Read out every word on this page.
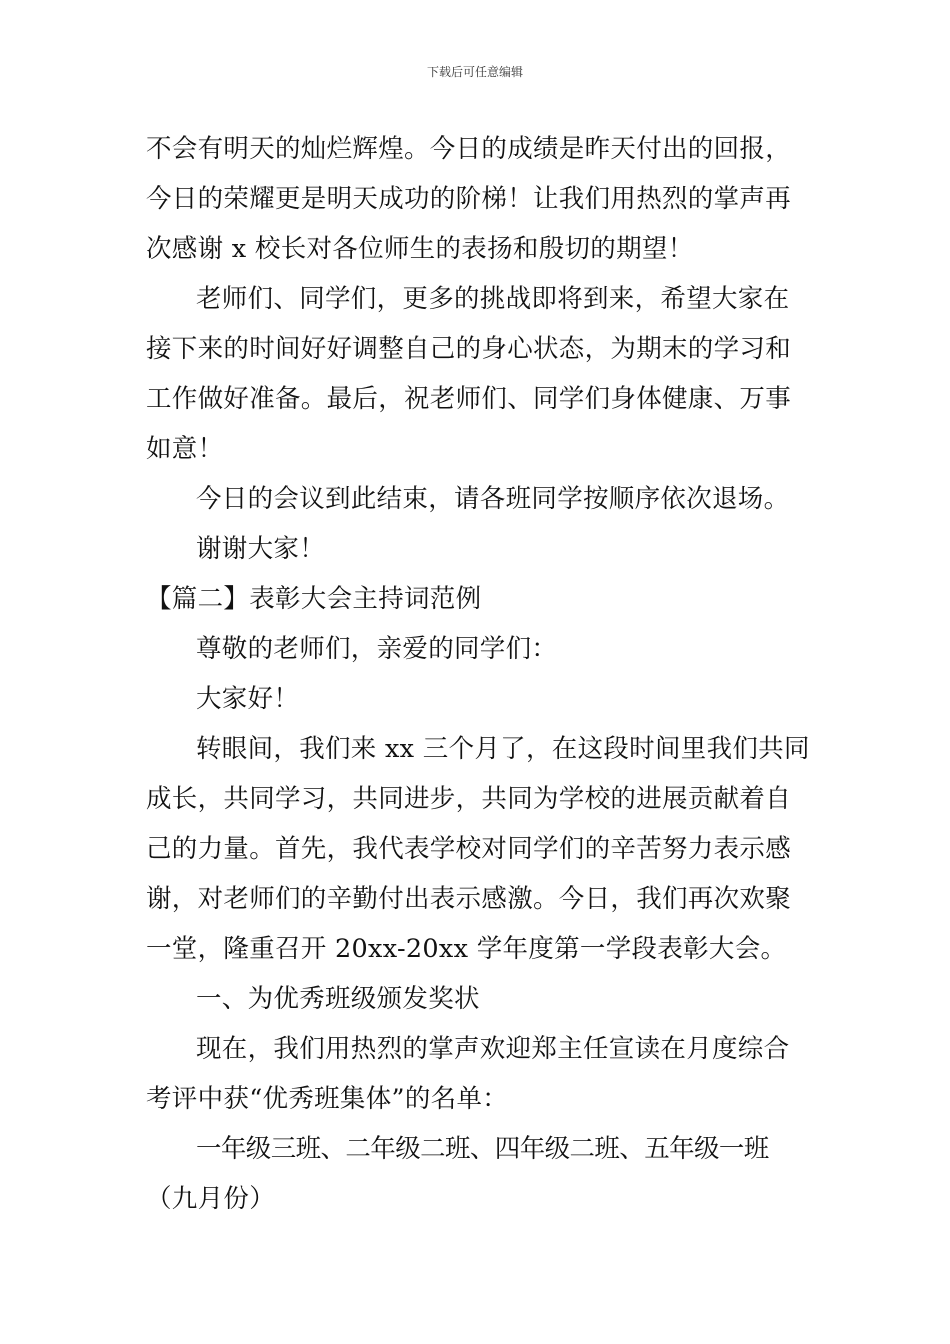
下载后可任意编辑
不会有明天的灿烂辉煌。今日的成绩是昨天付出的回报，
今日的荣耀更是明天成功的阶梯！让我们用热烈的掌声再
次感谢 x 校长对各位师生的表扬和殷切的期望！
老师们、同学们，更多的挑战即将到来，希望大家在
接下来的时间好好调整自己的身心状态，为期末的学习和
工作做好准备。最后，祝老师们、同学们身体健康、万事
如意！
今日的会议到此结束，请各班同学按顺序依次退场。
谢谢大家！
【篇二】表彰大会主持词范例
尊敬的老师们，亲爱的同学们：
大家好！
转眼间，我们来 xx 三个月了，在这段时间里我们共同
成长，共同学习，共同进步，共同为学校的进展贡献着自
己的力量。首先，我代表学校对同学们的辛苦努力表示感
谢，对老师们的辛勤付出表示感激。今日，我们再次欢聚
一堂，隆重召开 20xx-20xx 学年度第一学段表彰大会。
一、为优秀班级颁发奖状
现在，我们用热烈的掌声欢迎郑主任宣读在月度综合
考评中获“优秀班集体”的名单：
一年级三班、二年级二班、四年级二班、五年级一班
（九月份）
